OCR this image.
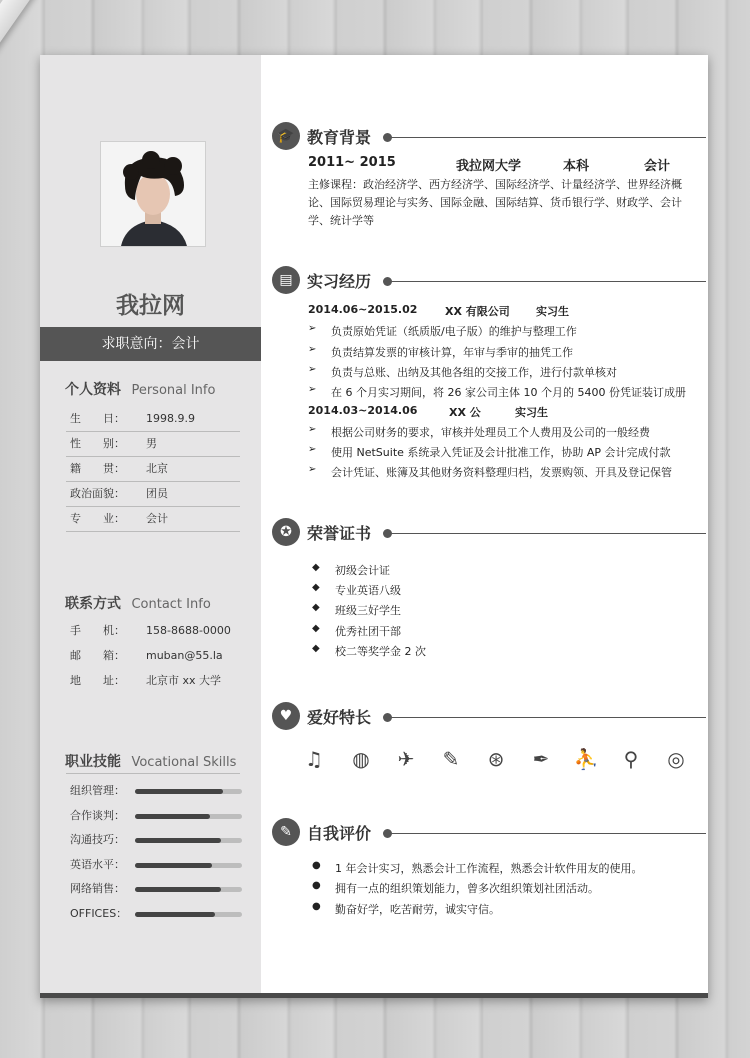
我拉网
求职意向：会计
个人资料 Personal Info
生　　日：	1998.9.9
性　　别：	男
籍　　贯：	北京
政治面貌：	团员
专　　业：	会计
联系方式 Contact Info
手　　机：	158-8688-0000
邮　　箱：	muban@55.la
地　　址：	北京市 xx 大学
职业技能 Vocational Skills
组织管理：
合作谈判：
沟通技巧：
英语水平：
网络销售：
OFFICES：
🎓 教育背景
2011~ 2015	我拉网大学	本科	会计
主修课程：政治经济学、西方经济学、国际经济学、计量经济学、世界经济概论、国际贸易理论与实务、国际金融、国际结算、货币银行学、财政学、会计学、统计学等
▤ 实习经历
2014.06~2015.02	XX 有限公司 实习生
➢	负责原始凭证（纸质版/电子版）的维护与整理工作
➢	负责结算发票的审核计算，年审与季审的抽凭工作
➢	负责与总账、出纳及其他各组的交接工作，进行付款单核对
➢	在 6 个月实习期间，将 26 家公司主体 10 个月的 5400 份凭证装订成册
2014.03~2014.06	XX 公	实习生
➢	根据公司财务的要求，审核并处理员工个人费用及公司的一般经费
➢	使用 NetSuite 系统录入凭证及会计批准工作，协助 AP 会计完成付款
➢	会计凭证、账簿及其他财务资料整理归档，发票购领、开具及登记保管
✪ 荣誉证书
◆	初级会计证
◆	专业英语八级
◆	班级三好学生
◆	优秀社团干部
◆	校二等奖学金 2 次
♥ 爱好特长
♫ ◍ ✈ ✎ ⊛ ✒ ⛹	⚲	◎
✎ 自我评价
● 1 年会计实习，熟悉会计工作流程，熟悉会计软件用友的使用。
● 拥有一点的组织策划能力，曾多次组织策划社团活动。
● 勤奋好学，吃苦耐劳，诚实守信。
